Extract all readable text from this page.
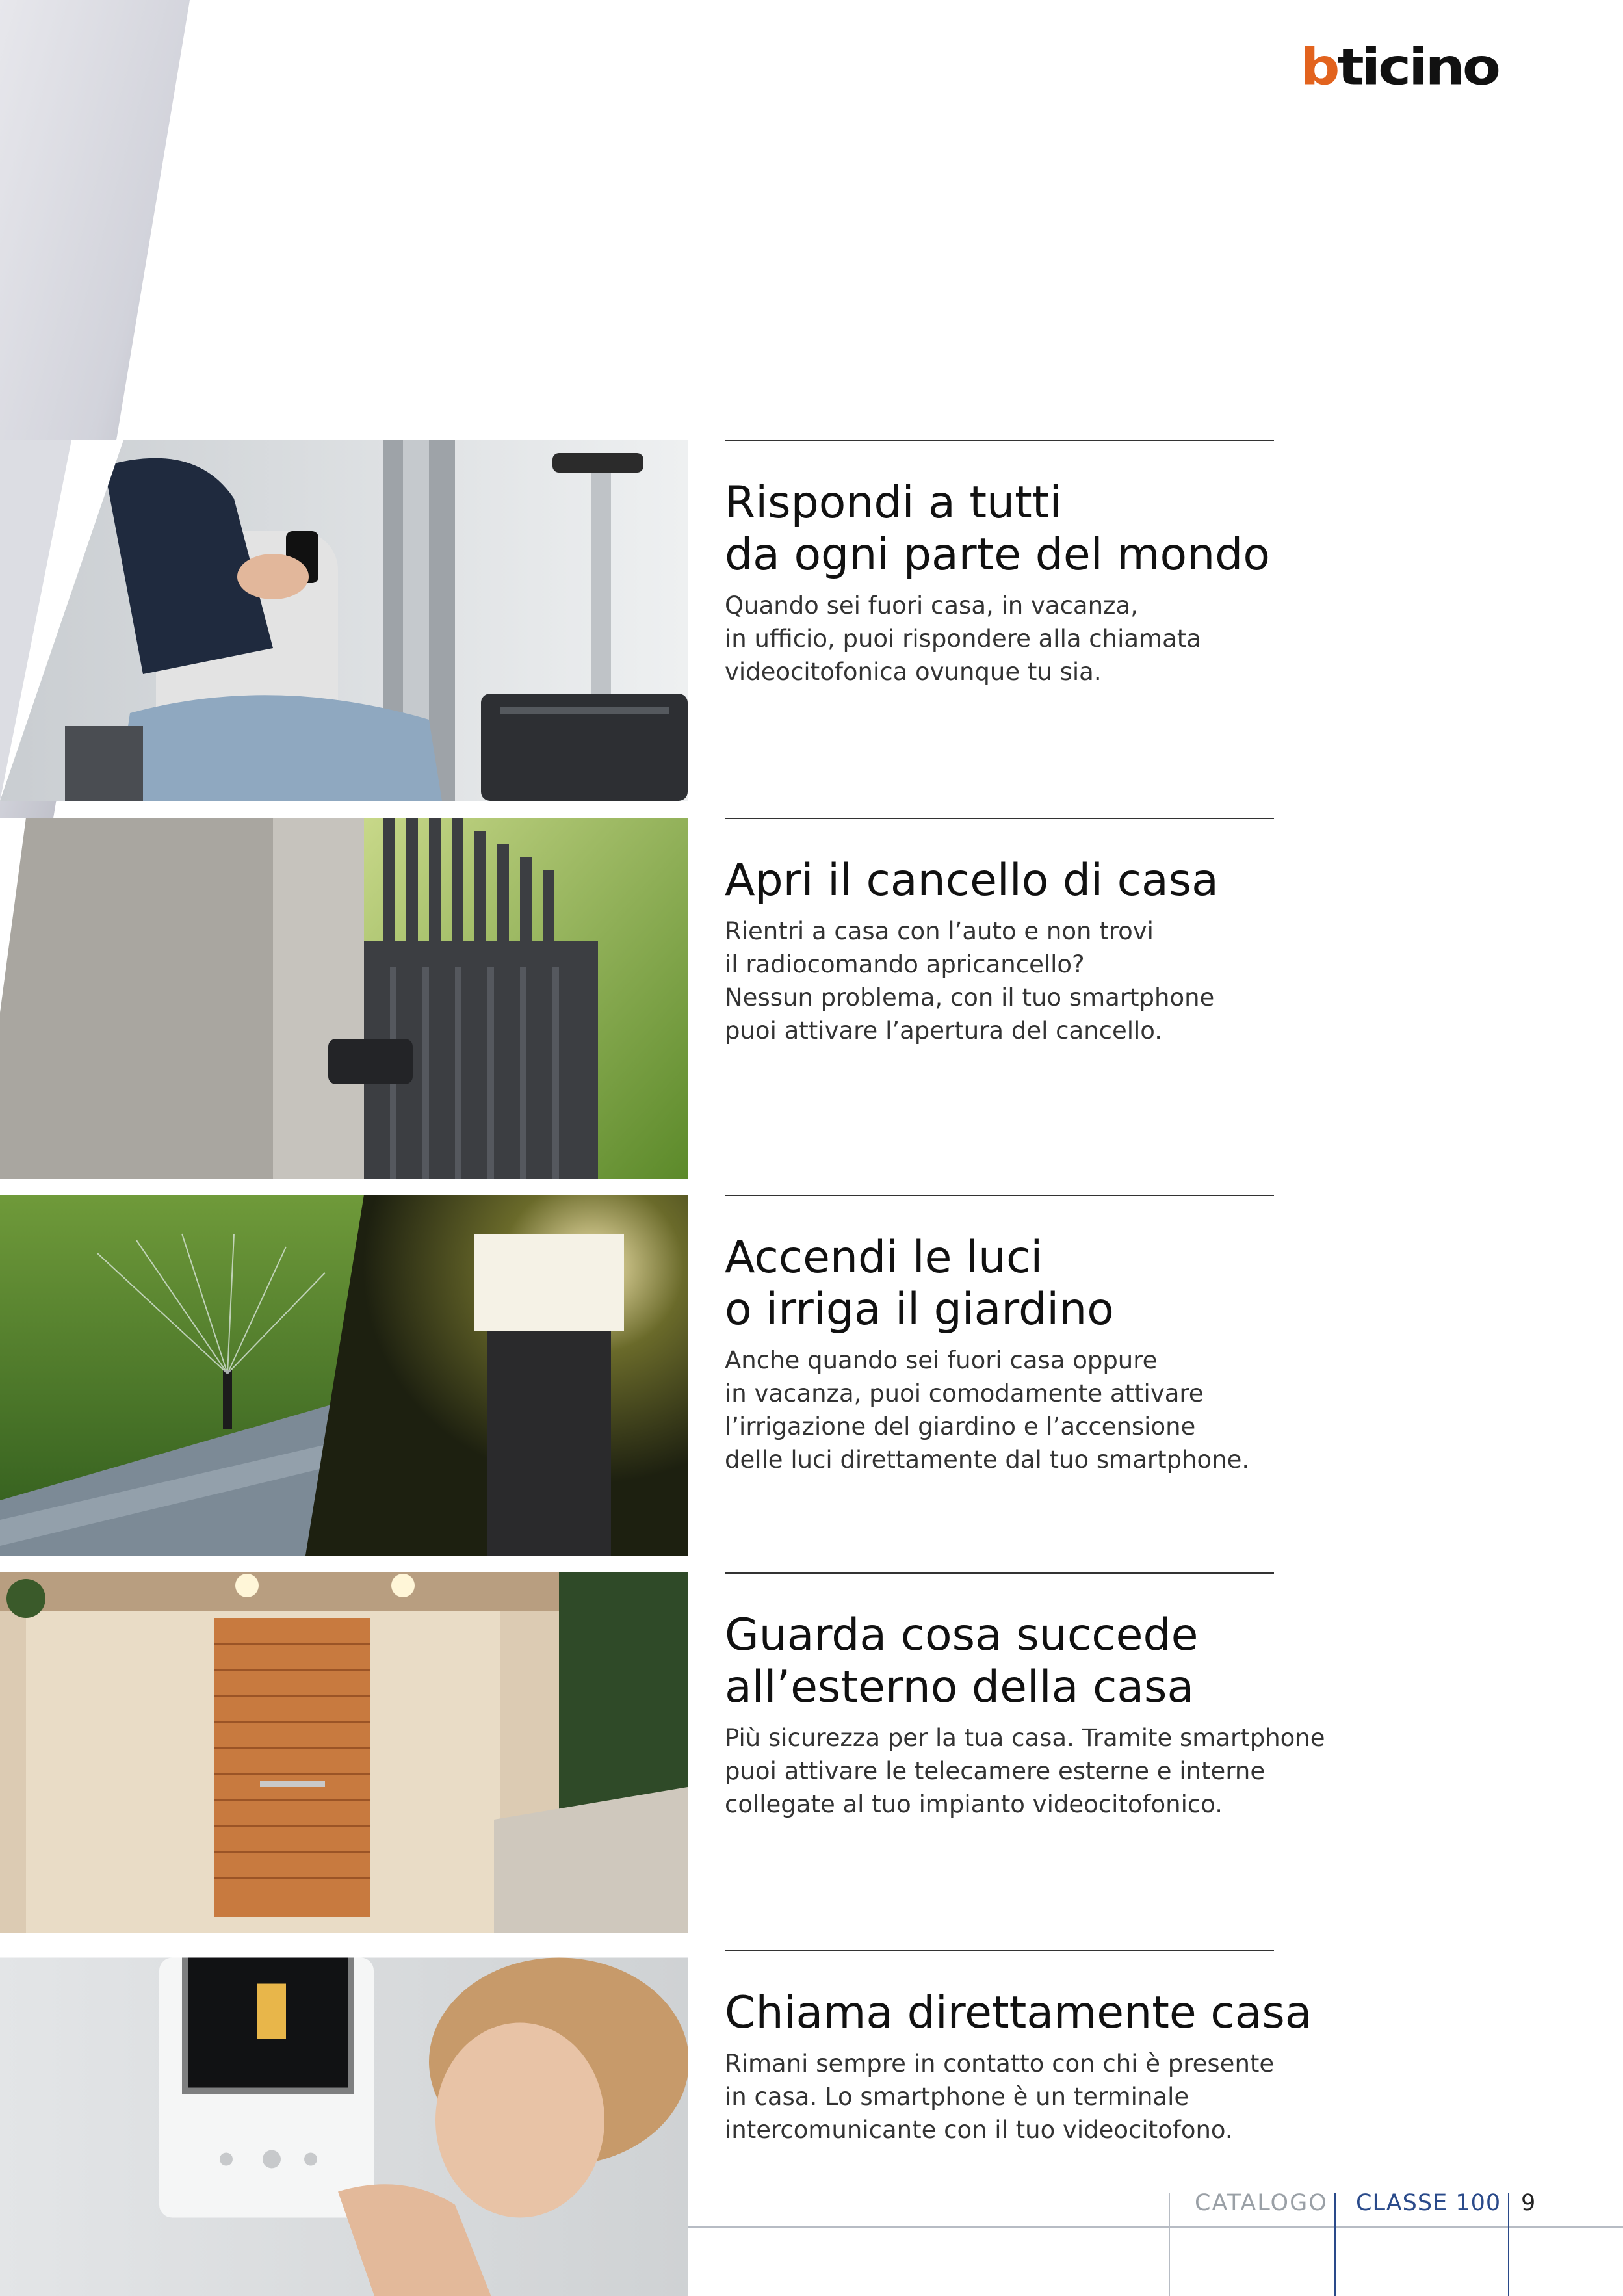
bticino
Rispondi a tutti
da ogni parte del mondo

Quando sei fuori casa, in vacanza,
in ufficio, puoi rispondere alla chiamata
videocitofonica ovunque tu sia.

Apri il cancello di casa

Rientri a casa con l’auto e non trovi
il radiocomando apricancello?
Nessun problema, con il tuo smartphone
puoi attivare l’apertura del cancello.

Accendi le luci
o irriga il giardino

Anche quando sei fuori casa oppure
in vacanza, puoi comodamente attivare
l’irrigazione del giardino e l’accensione
delle luci direttamente dal tuo smartphone.

Guarda cosa succede
all’esterno della casa

Più sicurezza per la tua casa. Tramite smartphone
puoi attivare le telecamere esterne e interne
collegate al tuo impianto videocitofonico.

Chiama direttamente casa

Rimani sempre in contatto con chi è presente
in casa. Lo smartphone è un terminale
intercomunicante con il tuo videocitofono.

CATALOGO CLASSE 100 9
